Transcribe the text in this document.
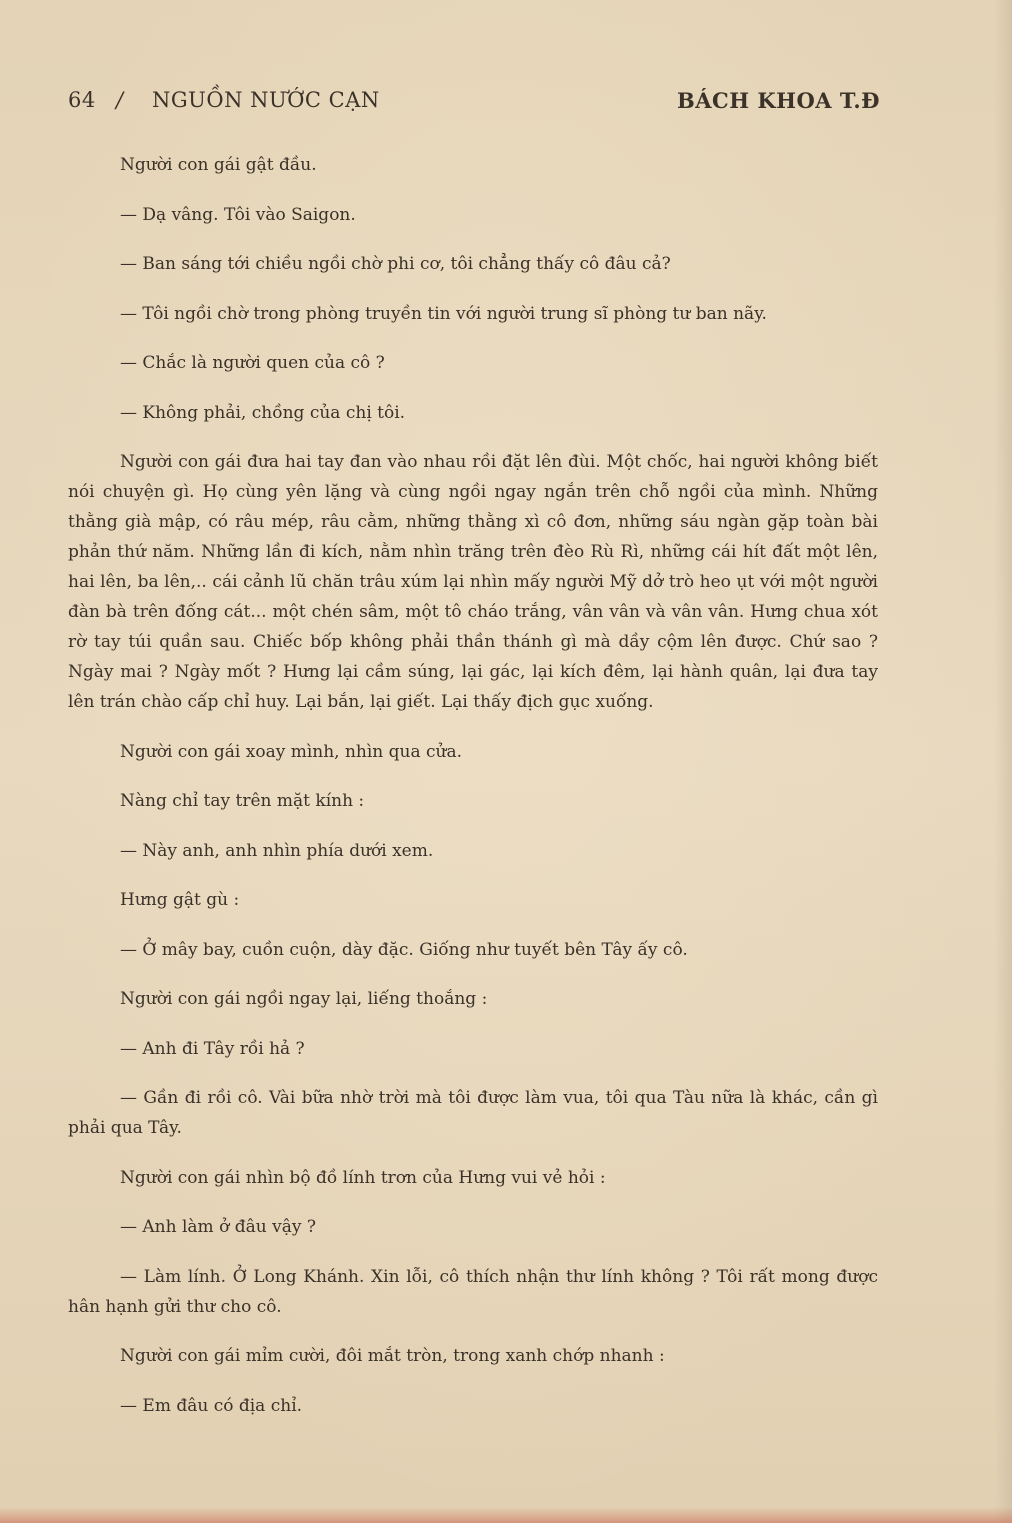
64 / NGUỒN NƯỚC CẠN	BÁCH KHOA T.Đ

Người con gái gật đầu.

— Dạ vâng. Tôi vào Saigon.

— Ban sáng tới chiều ngồi chờ phi cơ, tôi chẳng thấy cô đâu cả?

— Tôi ngồi chờ trong phòng truyền tin với người trung sĩ phòng tư ban nãy.

— Chắc là người quen của cô ?

— Không phải, chồng của chị tôi.

Người con gái đưa hai tay đan vào nhau rồi đặt lên đùi. Một chốc, hai người không biết nói chuyện gì. Họ cùng yên lặng và cùng ngồi ngay ngắn trên chỗ ngồi của mình. Những thằng già mập, có râu mép, râu cằm, những thằng xì cô đơn, những sáu ngàn gặp toàn bài phản thứ năm. Những lần đi kích, nằm nhìn trăng trên đèo Rù Rì, những cái hít đất một lên, hai lên, ba lên,.. cái cảnh lũ chăn trâu xúm lại nhìn mấy người Mỹ dở trò heo ụt với một người đàn bà trên đống cát... một chén sâm, một tô cháo trắng, vân vân và vân vân. Hưng chua xót rờ tay túi quần sau. Chiếc bốp không phải thần thánh gì mà dầy cộm lên được. Chứ sao ? Ngày mai ? Ngày mốt ? Hưng lại cầm súng, lại gác, lại kích đêm, lại hành quân, lại đưa tay lên trán chào cấp chỉ huy. Lại bắn, lại giết. Lại thấy địch gục xuống.

Người con gái xoay mình, nhìn qua cửa.

Nàng chỉ tay trên mặt kính :

— Này anh, anh nhìn phía dưới xem.

Hưng gật gù :

— Ở mây bay, cuồn cuộn, dày đặc. Giống như tuyết bên Tây ấy cô.

Người con gái ngồi ngay lại, liếng thoắng :

— Anh đi Tây rồi hả ?

— Gần đi rồi cô. Vài bữa nhờ trời mà tôi được làm vua, tôi qua Tàu nữa là khác, cần gì phải qua Tây.

Người con gái nhìn bộ đồ lính trơn của Hưng vui vẻ hỏi :

— Anh làm ở đâu vậy ?

— Làm lính. Ở Long Khánh. Xin lỗi, cô thích nhận thư lính không ? Tôi rất mong được hân hạnh gửi thư cho cô.

Người con gái mỉm cười, đôi mắt tròn, trong xanh chớp nhanh :

— Em đâu có địa chỉ.
